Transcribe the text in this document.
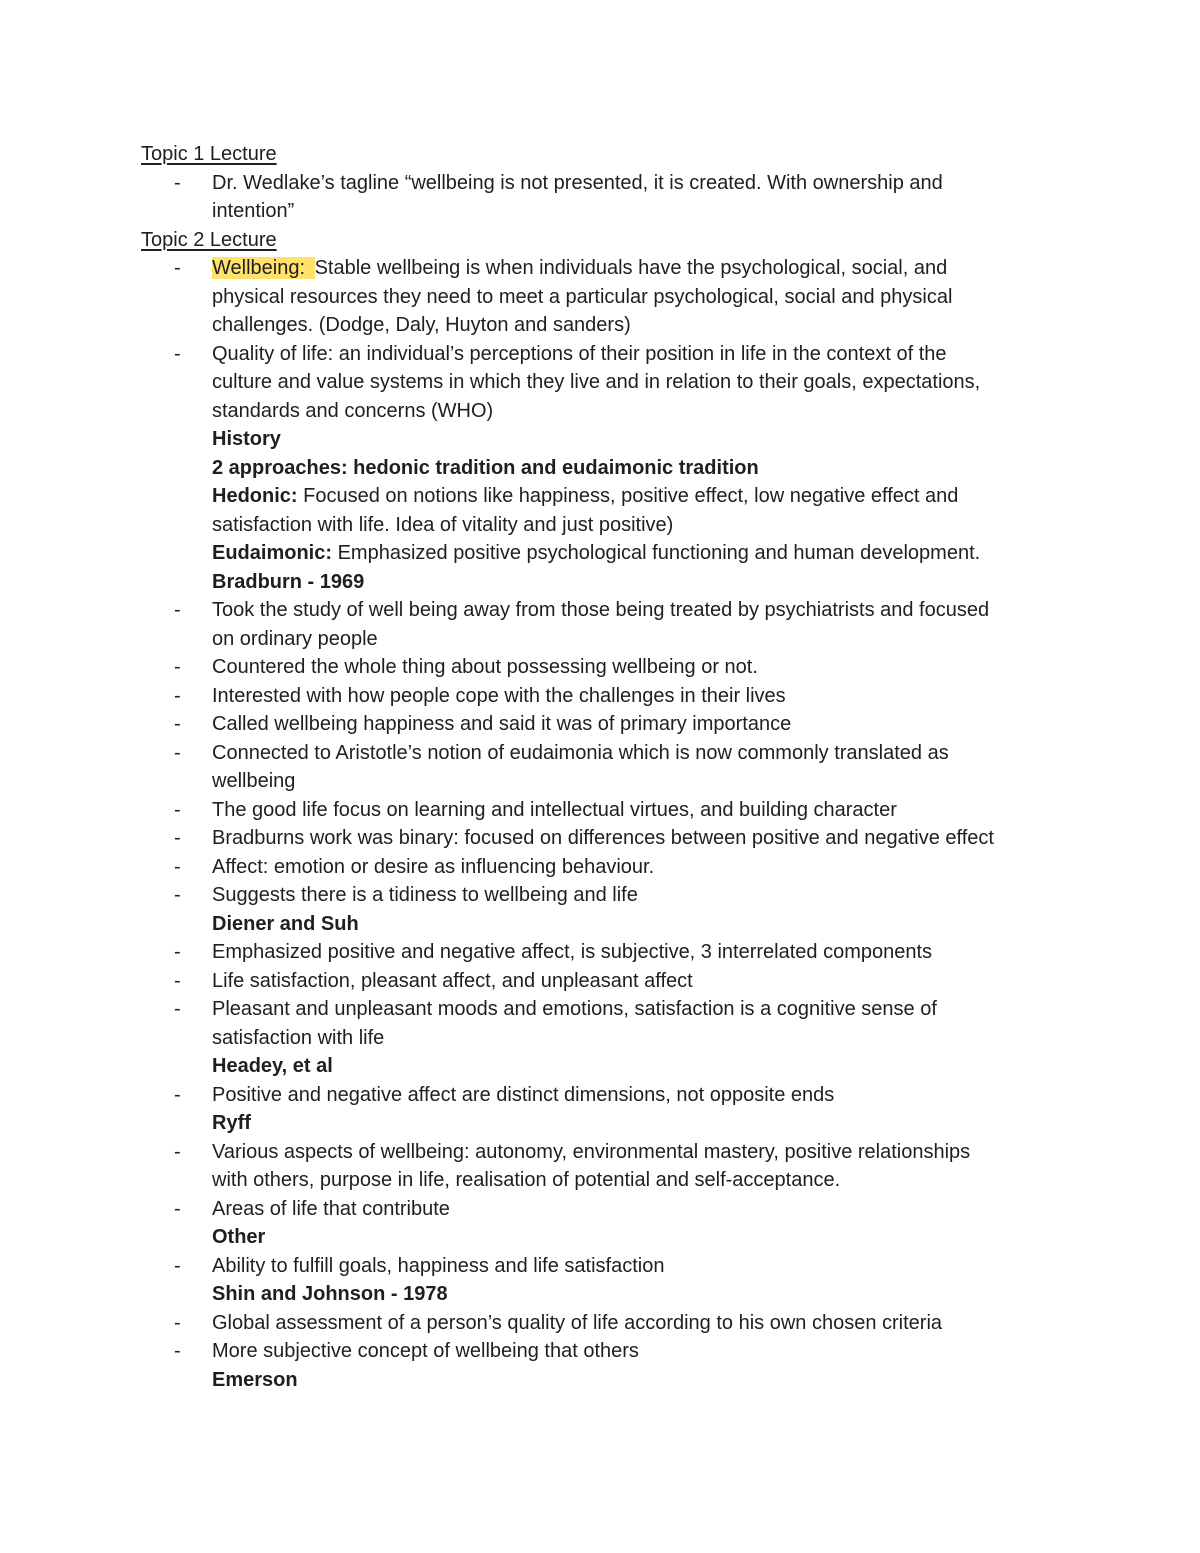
Topic 1 Lecture
- Dr. Wedlake’s tagline “wellbeing is not presented, it is created. With ownership and
intention”
Topic 2 Lecture
- Wellbeing: Stable wellbeing is when individuals have the psychological, social, and
physical resources they need to meet a particular psychological, social and physical
challenges. (Dodge, Daly, Huyton and sanders)
- Quality of life: an individual’s perceptions of their position in life in the context of the
culture and value systems in which they live and in relation to their goals, expectations,
standards and concerns (WHO)
History
2 approaches: hedonic tradition and eudaimonic tradition
Hedonic: Focused on notions like happiness, positive effect, low negative effect and
satisfaction with life. Idea of vitality and just positive)
Eudaimonic: Emphasized positive psychological functioning and human development.
Bradburn - 1969
- Took the study of well being away from those being treated by psychiatrists and focused
on ordinary people
- Countered the whole thing about possessing wellbeing or not.
- Interested with how people cope with the challenges in their lives
- Called wellbeing happiness and said it was of primary importance
- Connected to Aristotle’s notion of eudaimonia which is now commonly translated as
wellbeing
- The good life focus on learning and intellectual virtues, and building character
- Bradburns work was binary: focused on differences between positive and negative effect
- Affect: emotion or desire as influencing behaviour.
- Suggests there is a tidiness to wellbeing and life
Diener and Suh
- Emphasized positive and negative affect, is subjective, 3 interrelated components
- Life satisfaction, pleasant affect, and unpleasant affect
- Pleasant and unpleasant moods and emotions, satisfaction is a cognitive sense of
satisfaction with life
Headey, et al
- Positive and negative affect are distinct dimensions, not opposite ends
Ryff
- Various aspects of wellbeing: autonomy, environmental mastery, positive relationships
with others, purpose in life, realisation of potential and self-acceptance.
- Areas of life that contribute
Other
- Ability to fulfill goals, happiness and life satisfaction
Shin and Johnson - 1978
- Global assessment of a person’s quality of life according to his own chosen criteria
- More subjective concept of wellbeing that others
Emerson
